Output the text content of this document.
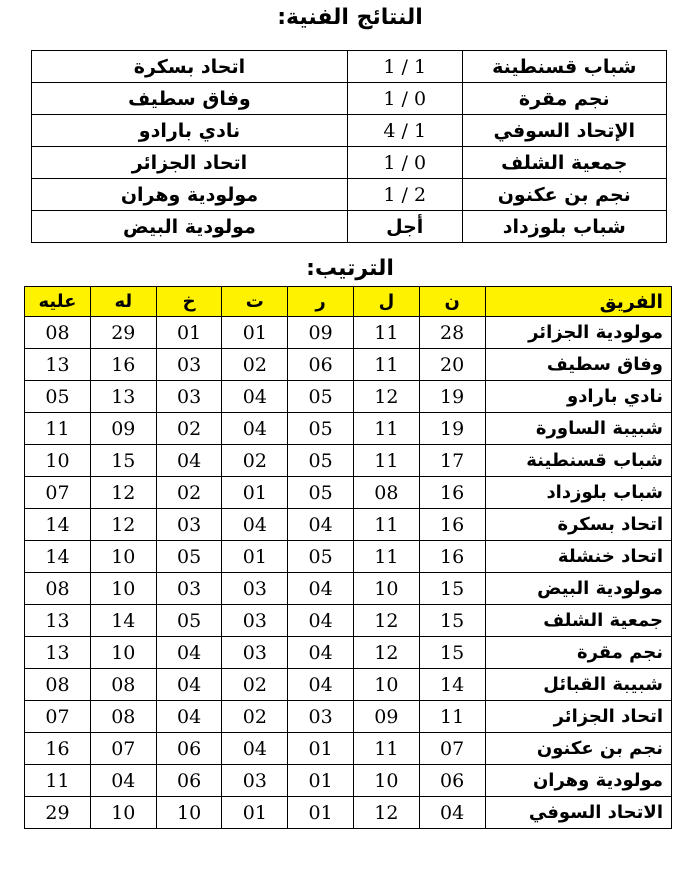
النتائج الفنية:
شباب قسنطينة	1 / 1	اتحاد بسكرة
نجم مقرة	1 / 0	وفاق سطيف
الإتحاد السوفي	4 / 1	نادي بارادو
جمعية الشلف	1 / 0	اتحاد الجزائر
نجم بن عكنون	1 / 2	مولودية وهران
شباب بلوزداد	أجل	مولودية البيض
الترتيب:
الفريق	ن	ل	ر	ت	خ	له	عليه
مولودية الجزائر	28	11	09	01	01	29	08
وفاق سطيف	20	11	06	02	03	16	13
نادي بارادو	19	12	05	04	03	13	05
شبيبة الساورة	19	11	05	04	02	09	11
شباب قسنطينة	17	11	05	02	04	15	10
شباب بلوزداد	16	08	05	01	02	12	07
اتحاد بسكرة	16	11	04	04	03	12	14
اتحاد خنشلة	16	11	05	01	05	10	14
مولودية البيض	15	10	04	03	03	10	08
جمعية الشلف	15	12	04	03	05	14	13
نجم مقرة	15	12	04	03	04	10	13
شبيبة القبائل	14	10	04	02	04	08	08
اتحاد الجزائر	11	09	03	02	04	08	07
نجم بن عكنون	07	11	01	04	06	07	16
مولودية وهران	06	10	01	03	06	04	11
الاتحاد السوفي	04	12	01	01	10	10	29
